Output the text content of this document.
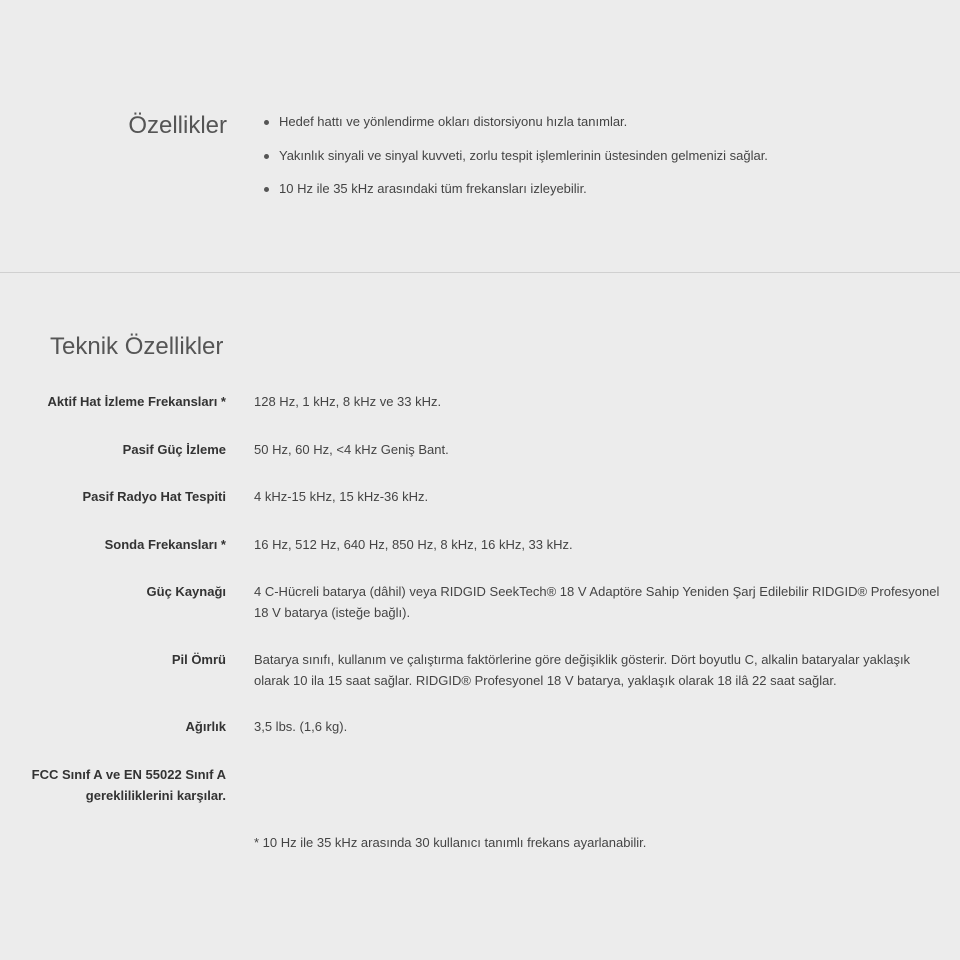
Özellikler	Hedef hattı ve yönlendirme okları distorsiyonu hızla tanımlar.
Yakınlık sinyali ve sinyal kuvveti, zorlu tespit işlemlerinin üstesinden gelmenizi sağlar.
10 Hz ile 35 kHz arasındaki tüm frekansları izleyebilir.
Teknik Özellikler
Aktif Hat İzleme Frekansları * 128 Hz, 1 kHz, 8 kHz ve 33 kHz.
Pasif Güç İzleme 50 Hz, 60 Hz, <4 kHz Geniş Bant.
Pasif Radyo Hat Tespiti 4 kHz-15 kHz, 15 kHz-36 kHz.
Sonda Frekansları * 16 Hz, 512 Hz, 640 Hz, 850 Hz, 8 kHz, 16 kHz, 33 kHz.
Güç Kaynağı 4 C-Hücreli batarya (dâhil) veya RIDGID SeekTech® 18 V Adaptöre Sahip Yeniden Şarj Edilebilir RIDGID® Profesyonel 18 V batarya (isteğe bağlı).
Pil Ömrü Batarya sınıfı, kullanım ve çalıştırma faktörlerine göre değişiklik gösterir. Dört boyutlu C, alkalin bataryalar yaklaşık olarak 10 ila 15 saat sağlar. RIDGID® Profesyonel 18 V batarya, yaklaşık olarak 18 ilâ 22 saat sağlar.
Ağırlık 3,5 lbs. (1,6 kg).
FCC Sınıf A ve EN 55022 Sınıf A gerekliliklerini karşılar.
* 10 Hz ile 35 kHz arasında 30 kullanıcı tanımlı frekans ayarlanabilir.
